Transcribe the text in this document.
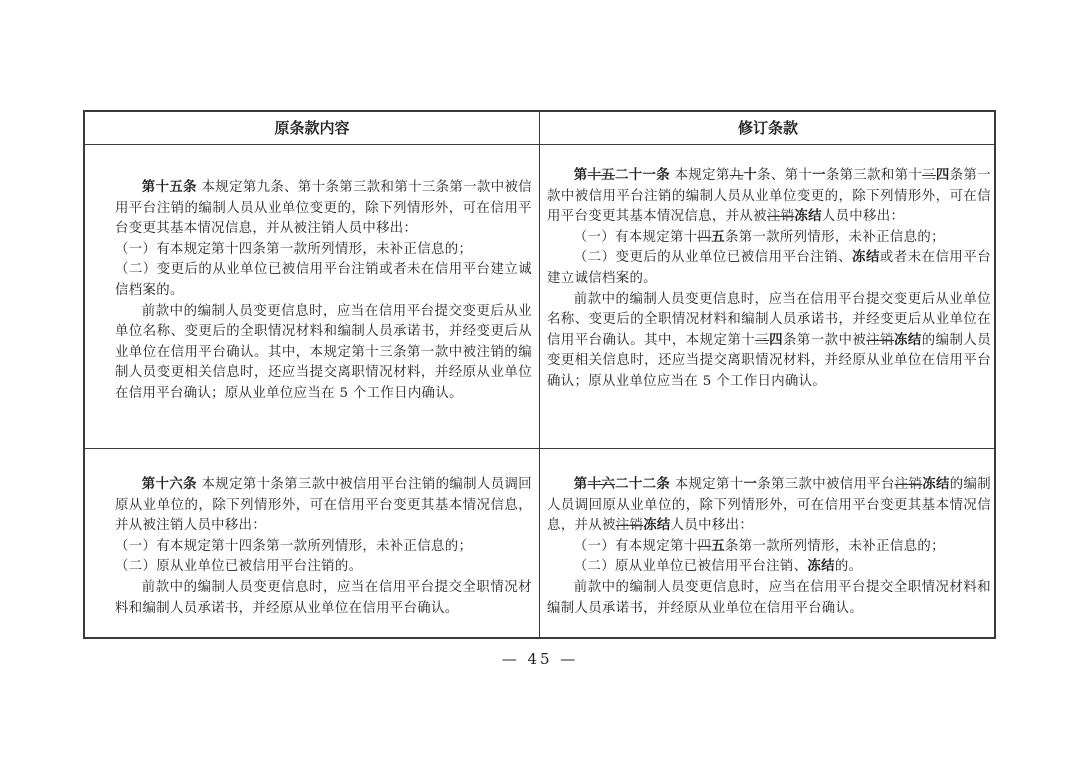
原条款内容	修订条款

第十五条 本规定第九条、第十条第三款和第十三条第一款中被信用平台注销的编制人员从业单位变更的，除下列情形外，可在信用平台变更其基本情况信息，并从被注销人员中移出：

（一）有本规定第十四条第一款所列情形，未补正信息的；

（二）变更后的从业单位已被信用平台注销或者未在信用平台建立诚信档案的。

前款中的编制人员变更信息时，应当在信用平台提交变更后从业单位名称、变更后的全职情况材料和编制人员承诺书，并经变更后从业单位在信用平台确认。其中，本规定第十三条第一款中被注销的编制人员变更相关信息时，还应当提交离职情况材料，并经原从业单位在信用平台确认；原从业单位应当在 5 个工作日内确认。

第十五二十一条 本规定第九十条、第十一条第三款和第十三四条第一款中被信用平台注销的编制人员从业单位变更的，除下列情形外，可在信用平台变更其基本情况信息，并从被注销冻结人员中移出：

（一）有本规定第十四五条第一款所列情形，未补正信息的；

（二）变更后的从业单位已被信用平台注销、冻结或者未在信用平台建立诚信档案的。

前款中的编制人员变更信息时，应当在信用平台提交变更后从业单位名称、变更后的全职情况材料和编制人员承诺书，并经变更后从业单位在信用平台确认。其中，本规定第十三四条第一款中被注销冻结的编制人员变更相关信息时，还应当提交离职情况材料，并经原从业单位在信用平台确认；原从业单位应当在 5 个工作日内确认。

第十六条 本规定第十条第三款中被信用平台注销的编制人员调回原从业单位的，除下列情形外，可在信用平台变更其基本情况信息，并从被注销人员中移出：

（一）有本规定第十四条第一款所列情形，未补正信息的；

（二）原从业单位已被信用平台注销的。

前款中的编制人员变更信息时，应当在信用平台提交全职情况材料和编制人员承诺书，并经原从业单位在信用平台确认。

第十六二十二条 本规定第十一条第三款中被信用平台注销冻结的编制人员调回原从业单位的，除下列情形外，可在信用平台变更其基本情况信息，并从被注销冻结人员中移出：

（一）有本规定第十四五条第一款所列情形，未补正信息的；

（二）原从业单位已被信用平台注销、冻结的。

前款中的编制人员变更信息时，应当在信用平台提交全职情况材料和编制人员承诺书，并经原从业单位在信用平台确认。

— 45 —
